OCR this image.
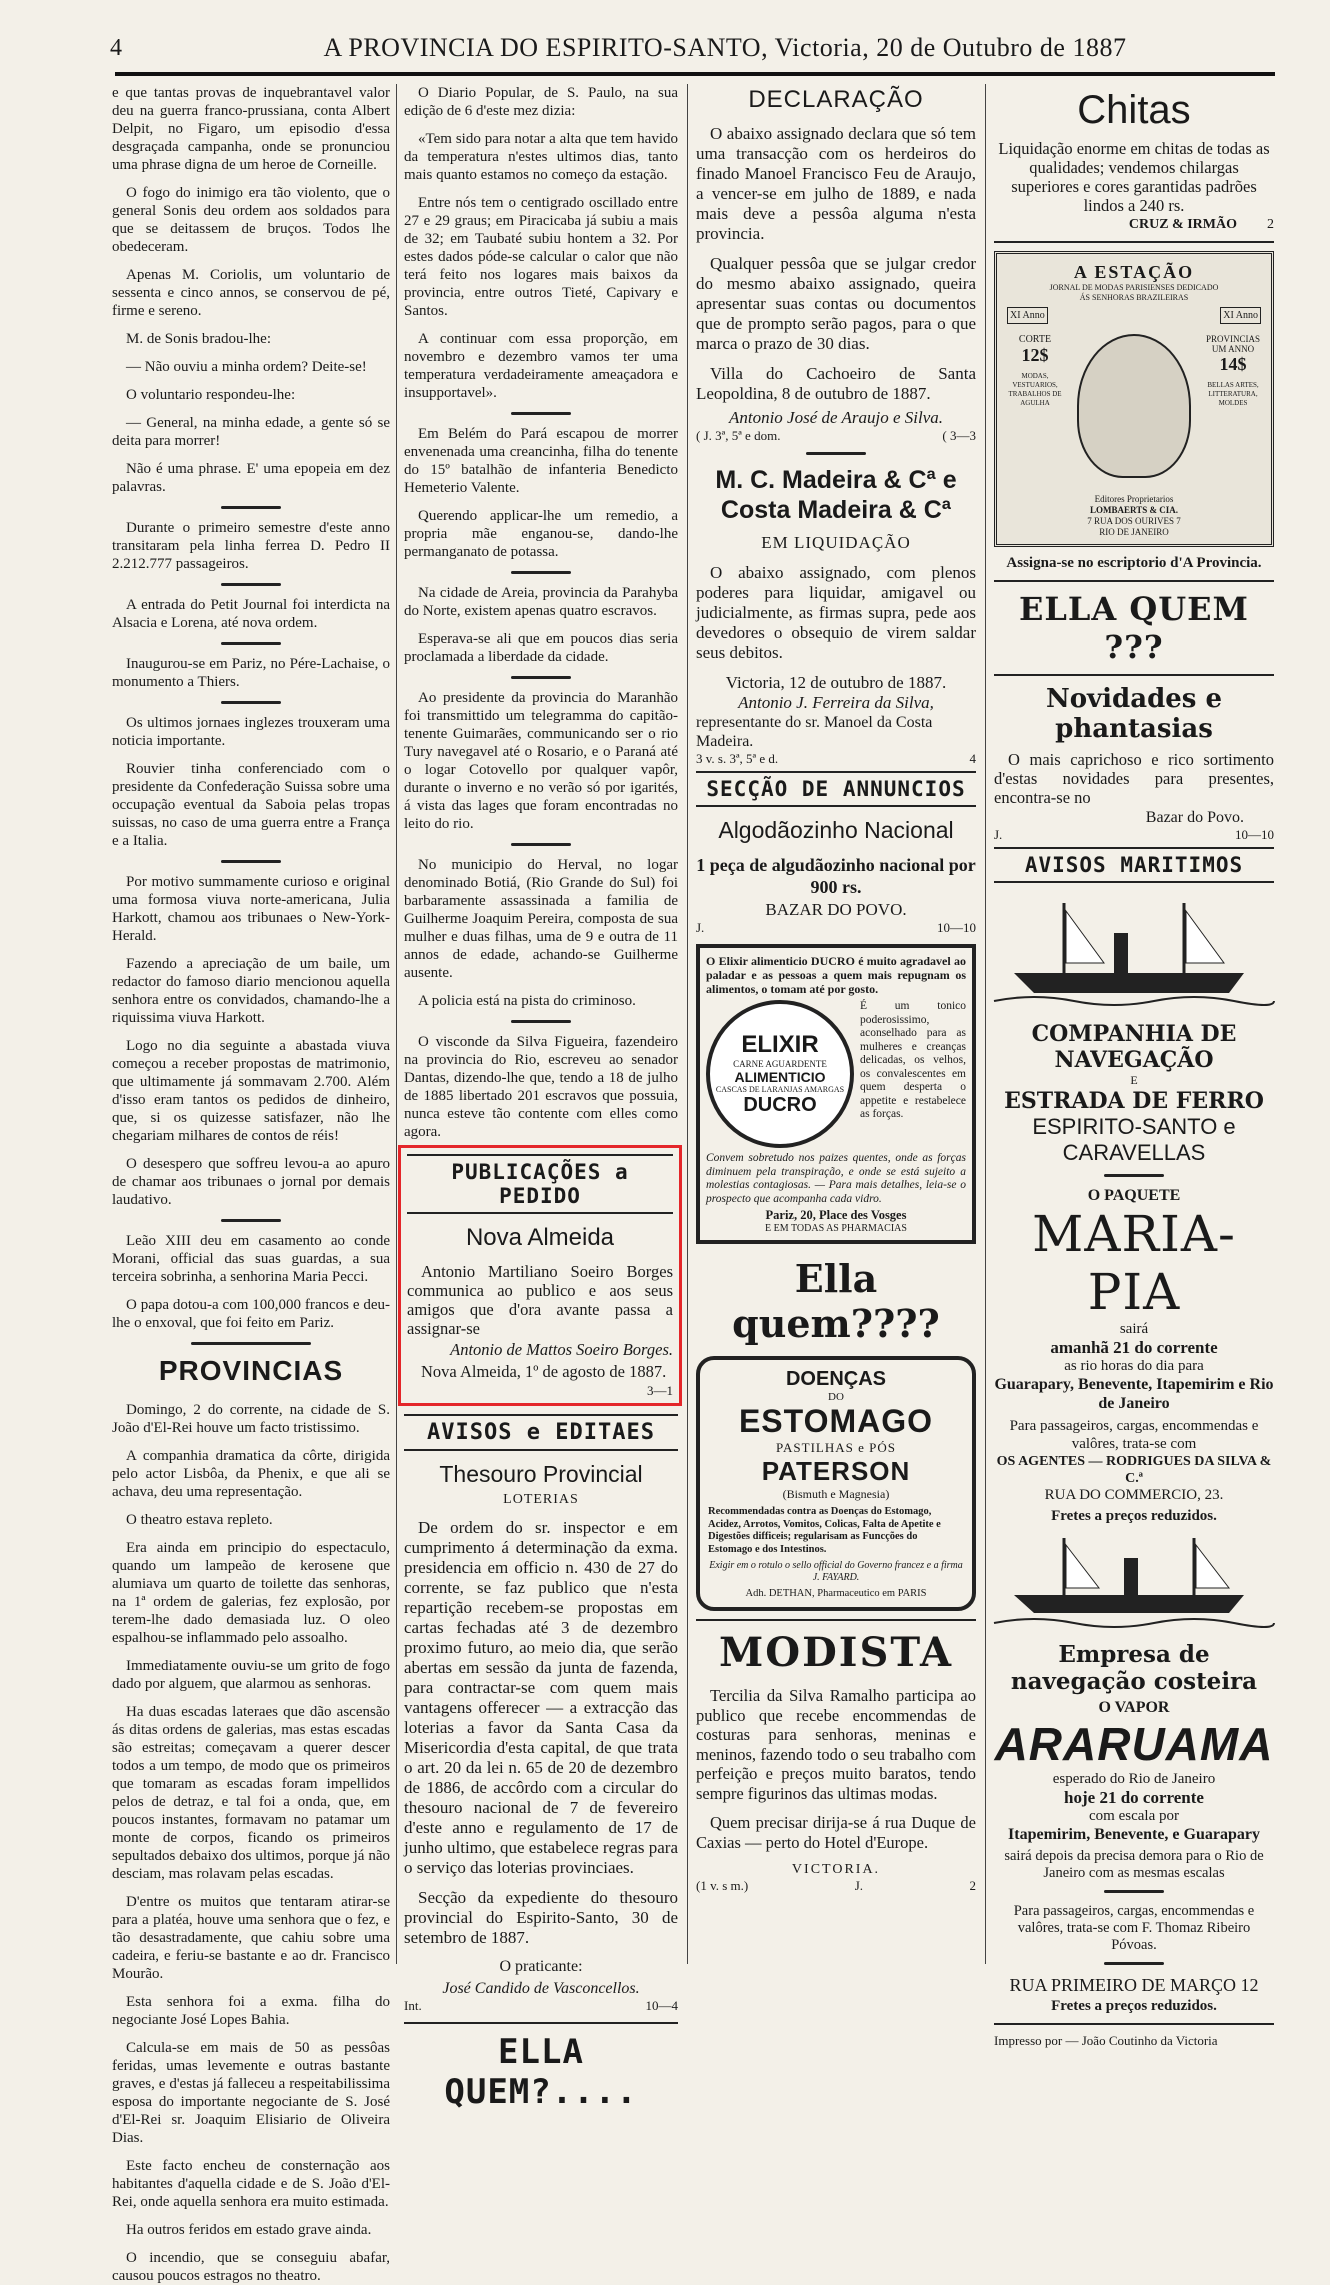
4	A PROVINCIA DO ESPIRITO-SANTO, Victoria, 20 de Outubro de 1887

e que tantas provas de inquebrantavel valor deu na guerra franco-prussiana, conta Albert Delpit, no Figaro, um episodio d'essa desgraçada campanha, onde se pronunciou uma phrase digna de um heroe de Corneille.

O fogo do inimigo era tão violento, que o general Sonis deu ordem aos soldados para que se deitassem de bruços. Todos lhe obedeceram.

Apenas M. Coriolis, um voluntario de sessenta e cinco annos, se conservou de pé, firme e sereno.

M. de Sonis bradou-lhe:

— Não ouviu a minha ordem? Deite-se!

O voluntario respondeu-lhe:

— General, na minha edade, a gente só se deita para morrer!

Não é uma phrase. E' uma epopeia em dez palavras.

Durante o primeiro semestre d'este anno transitaram pela linha ferrea D. Pedro II 2.212.777 passageiros.

A entrada do Petit Journal foi interdicta na Alsacia e Lorena, até nova ordem.

Inaugurou-se em Pariz, no Pére-Lachaise, o monumento a Thiers.

Os ultimos jornaes inglezes trouxeram uma noticia importante.

Rouvier tinha conferenciado com o presidente da Confederação Suissa sobre uma occupação eventual da Saboia pelas tropas suissas, no caso de uma guerra entre a França e a Italia.

Por motivo summamente curioso e original uma formosa viuva norte-americana, Julia Harkott, chamou aos tribunaes o New-York-Herald.

Fazendo a apreciação de um baile, um redactor do famoso diario mencionou aquella senhora entre os convidados, chamando-lhe a riquissima viuva Harkott.

Logo no dia seguinte a abastada viuva começou a receber propostas de matrimonio, que ultimamente já sommavam 2.700. Além d'isso eram tantos os pedidos de dinheiro, que, si os quizesse satisfazer, não lhe chegariam milhares de contos de réis!

O desespero que soffreu levou-a ao apuro de chamar aos tribunaes o jornal por demais laudativo.

Leão XIII deu em casamento ao conde Morani, official das suas guardas, a sua terceira sobrinha, a senhorina Maria Pecci.

O papa dotou-a com 100,000 francos e deu-lhe o enxoval, que foi feito em Pariz.

PROVINCIAS

Domingo, 2 do corrente, na cidade de S. João d'El-Rei houve um facto tristissimo.

A companhia dramatica da côrte, dirigida pelo actor Lisbôa, da Phenix, e que ali se achava, deu uma representação.

O theatro estava repleto.

Era ainda em principio do espectaculo, quando um lampeão de kerosene que alumiava um quarto de toilette das senhoras, na 1ª ordem de galerias, fez explosão, por terem-lhe dado demasiada luz. O oleo espalhou-se inflammado pelo assoalho.

Immediatamente ouviu-se um grito de fogo dado por alguem, que alarmou as senhoras.

Ha duas escadas lateraes que dão ascensão ás ditas ordens de galerias, mas estas escadas são estreitas; começavam a querer descer todos a um tempo, de modo que os primeiros que tomaram as escadas foram impellidos pelos de detraz, e tal foi a onda, que, em poucos instantes, formavam no patamar um monte de corpos, ficando os primeiros sepultados debaixo dos ultimos, porque já não desciam, mas rolavam pelas escadas.

D'entre os muitos que tentaram atirar-se para a platéa, houve uma senhora que o fez, e tão desastradamente, que cahiu sobre uma cadeira, e feriu-se bastante e ao dr. Francisco Mourão.

Esta senhora foi a exma. filha do negociante José Lopes Bahia.

Calcula-se em mais de 50 as pessôas feridas, umas levemente e outras bastante graves, e d'estas já falleceu a respeitabilissima esposa do importante negociante de S. José d'El-Rei sr. Joaquim Elisiario de Oliveira Dias.

Este facto encheu de consternação aos habitantes d'aquella cidade e de S. João d'El-Rei, onde aquella senhora era muito estimada.

Ha outros feridos em estado grave ainda.

O incendio, que se conseguiu abafar, causou poucos estragos no theatro.

O Diario Popular, de S. Paulo, na sua edição de 6 d'este mez dizia:

«Tem sido para notar a alta que tem havido da temperatura n'estes ultimos dias, tanto mais quanto estamos no começo da estação.

Entre nós tem o centigrado oscillado entre 27 e 29 graus; em Piracicaba já subiu a mais de 32; em Taubaté subiu hontem a 32. Por estes dados póde-se calcular o calor que não terá feito nos logares mais baixos da provincia, entre outros Tieté, Capivary e Santos.

A continuar com essa proporção, em novembro e dezembro vamos ter uma temperatura verdadeiramente ameaçadora e insupportavel».

Em Belém do Pará escapou de morrer envenenada uma creancinha, filha do tenente do 15º batalhão de infanteria Benedicto Hemeterio Valente.

Querendo applicar-lhe um remedio, a propria mãe enganou-se, dando-lhe permanganato de potassa.

Na cidade de Areia, provincia da Parahyba do Norte, existem apenas quatro escravos.

Esperava-se ali que em poucos dias seria proclamada a liberdade da cidade.

Ao presidente da provincia do Maranhão foi transmittido um telegramma do capitão-tenente Guimarães, communicando ser o rio Tury navegavel até o Rosario, e o Paraná até o logar Cotovello por qualquer vapôr, durante o inverno e no verão só por igarités, á vista das lages que foram encontradas no leito do rio.

No municipio do Herval, no logar denominado Botiá, (Rio Grande do Sul) foi barbaramente assassinada a familia de Guilherme Joaquim Pereira, composta de sua mulher e duas filhas, uma de 9 e outra de 11 annos de edade, achando-se Guilherme ausente.

A policia está na pista do criminoso.

O visconde da Silva Figueira, fazendeiro na provincia do Rio, escreveu ao senador Dantas, dizendo-lhe que, tendo a 18 de julho de 1885 libertado 201 escravos que possuia, nunca esteve tão contente com elles como agora.

PUBLICAÇÕES a PEDIDO
Nova Almeida

Antonio Martiliano Soeiro Borges communica ao publico e aos seus amigos que d'ora avante passa a assignar-se

Antonio de Mattos Soeiro Borges.

Nova Almeida, 1º de agosto de 1887.

3—1
AVISOS e EDITAES
Thesouro Provincial
LOTERIAS

De ordem do sr. inspector e em cumprimento á determinação da exma. presidencia em officio n. 430 de 27 do corrente, se faz publico que n'esta repartição recebem-se propostas em cartas fechadas até 3 de dezembro proximo futuro, ao meio dia, que serão abertas em sessão da junta de fazenda, para contractar-se com quem mais vantagens offerecer — a extracção das loterias a favor da Santa Casa da Misericordia d'esta capital, de que trata o art. 20 da lei n. 65 de 20 de dezembro de 1886, de accôrdo com a circular do thesouro nacional de 7 de fevereiro d'este anno e regulamento de 17 de junho ultimo, que estabelece regras para o serviço das loterias provinciaes.

Secção da expediente do thesouro provincial do Espirito-Santo, 30 de setembro de 1887.

O praticante:
José Candido de Vasconcellos.
Int.	10—4
ELLA QUEM?....
DECLARAÇÃO

O abaixo assignado declara que só tem uma transacção com os herdeiros do finado Manoel Francisco Feu de Araujo, a vencer-se em julho de 1889, e nada mais deve a pessôa alguma n'esta provincia.

Qualquer pessôa que se julgar credor do mesmo abaixo assignado, queira apresentar suas contas ou documentos que de prompto serão pagos, para o que marca o prazo de 30 dias.

Villa do Cachoeiro de Santa Leopoldina, 8 de outubro de 1887.

Antonio José de Araujo e Silva.
( J. 3ª, 5ª e dom.	( 3—3
M. C. Madeira & Cª e Costa Madeira & Cª
EM LIQUIDAÇÃO

O abaixo assignado, com plenos poderes para liquidar, amigavel ou judicialmente, as firmas supra, pede aos devedores o obsequio de virem saldar seus debitos.

Victoria, 12 de outubro de 1887.
Antonio J. Ferreira da Silva,
representante do sr. Manoel da Costa Madeira.
3 v. s. 3ª, 5ª e d.	4
SECÇÃO DE ANNUNCIOS
Algodãozinho Nacional
1 peça de algudãozinho nacional por 900 rs.
BAZAR DO POVO.
J.	10—10
O Elixir alimenticio DUCRO é muito agradavel ao paladar e as pessoas a quem mais repugnam os alimentos, o tomam até por gosto.
ELIXIR
CARNE AGUARDENTE
ALIMENTICIO
CASCAS DE LARANJAS AMARGAS
DUCRO
É um tonico poderosissimo, aconselhado para as mulheres e creanças delicadas, os velhos, os convalescentes em quem desperta o appetite e restabelece as forças.
Convem sobretudo nos paizes quentes, onde as forças diminuem pela transpiração, e onde se está sujeito a molestias contagiosas. — Para mais detalhes, leia-se o prospecto que acompanha cada vidro.
Pariz, 20, Place des Vosges
E EM TODAS AS PHARMACIAS
Ella quem????
DOENÇAS
DO
ESTOMAGO
PASTILHAS e PÓS
PATERSON
(Bismuth e Magnesia)
Recommendadas contra as Doenças do Estomago, Acidez, Arrotos, Vomitos, Colicas, Falta de Apetite e Digestões difficeis; regularisam as Funcções do Estomago e dos Intestinos.
Exigir em o rotulo o sello official do Governo francez e a firma J. FAYARD.
Adh. DETHAN, Pharmaceutico em PARIS
MODISTA

Tercilia da Silva Ramalho participa ao publico que recebe encommendas de costuras para senhoras, meninas e meninos, fazendo todo o seu trabalho com perfeição e preços muito baratos, tendo sempre figurinos das ultimas modas.

Quem precisar dirija-se á rua Duque de Caxias — perto do Hotel d'Europe.

VICTORIA.
(1 v. s m.)	J.	2
Chitas

Liquidação enorme em chitas de todas as qualidades; vendemos chilargas superiores e cores garantidas padrões lindos a 240 rs.

CRUZ & IRMÃO 2
A ESTAÇÃO
JORNAL DE MODAS PARISIENSES DEDICADO ÁS SENHORAS BRAZILEIRAS
XI Anno	XI Anno
CORTE
12$
MODAS, VESTUARIOS, TRABALHOS DE AGULHA
PROVINCIAS
UM ANNO
14$
BELLAS ARTES, LITTERATURA, MOLDES
Editores Proprietarios
LOMBAERTS & CIA.
7 RUA DOS OURIVES 7
RIO DE JANEIRO
Assigna-se no escriptorio d'A Provincia.
ELLA QUEM ???
Novidades e phantasias

O mais caprichoso e rico sortimento d'estas novidades para presentes, encontra-se no

Bazar do Povo.
J.	10—10
AVISOS MARITIMOS
COMPANHIA DE NAVEGAÇÃO
E
ESTRADA DE FERRO
ESPIRITO-SANTO e CARAVELLAS
O PAQUETE
MARIA-PIA
sairá
amanhã 21 do corrente
as rio horas do dia para
Guarapary, Benevente, Itapemirim e Rio de Janeiro
Para passageiros, cargas, encommendas e valôres, trata-se com
OS AGENTES — RODRIGUES DA SILVA & C.ª
RUA DO COMMERCIO, 23.
Fretes a preços reduzidos.
Empresa de navegação costeira
O VAPOR
ARARUAMA
esperado do Rio de Janeiro
hoje 21 do corrente
com escala por
Itapemirim, Benevente, e Guarapary
sairá depois da precisa demora para o Rio de Janeiro com as mesmas escalas
Para passageiros, cargas, encommendas e valôres, trata-se com F. Thomaz Ribeiro Póvoas.
RUA PRIMEIRO DE MARÇO 12
Fretes a preços reduzidos.
Impresso por — João Coutinho da Victoria
